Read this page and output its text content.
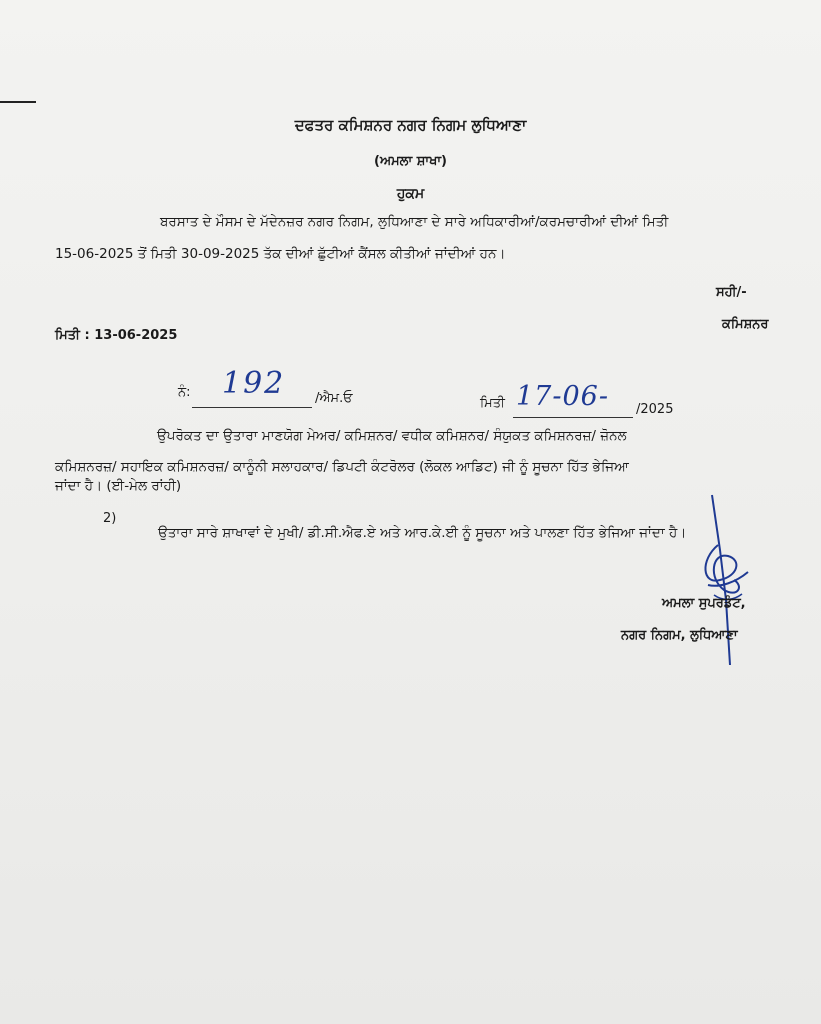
ਦਫਤਰ ਕਮਿਸ਼ਨਰ ਨਗਰ ਨਿਗਮ ਲੁਧਿਆਣਾ
(ਅਮਲਾ ਸ਼ਾਖਾ)
ਹੁਕਮ
ਬਰਸਾਤ ਦੇ ਮੌਸਮ ਦੇ ਮੱਦੇਨਜ਼ਰ ਨਗਰ ਨਿਗਮ, ਲੁਧਿਆਣਾ ਦੇ ਸਾਰੇ ਅਧਿਕਾਰੀਆਂ/ਕਰਮਚਾਰੀਆਂ ਦੀਆਂ ਮਿਤੀ
15-06-2025 ਤੋਂ ਮਿਤੀ 30-09-2025 ਤੱਕ ਦੀਆਂ ਛੁੱਟੀਆਂ ਕੈਂਸਲ ਕੀਤੀਆਂ ਜਾਂਦੀਆਂ ਹਨ।
ਸਹੀ/-
ਕਮਿਸ਼ਨਰ
ਮਿਤੀ : 13-06-2025
ਨੰ: 192 /ਐਮ.ਓ	ਮਿਤੀ 17-06- /2025
ਉਪਰੋਕਤ ਦਾ ਉਤਾਰਾ ਮਾਣਯੋਗ ਮੇਅਰ/ ਕਮਿਸ਼ਨਰ/ ਵਧੀਕ ਕਮਿਸ਼ਨਰ/ ਸੰਯੁਕਤ ਕਮਿਸ਼ਨਰਜ਼/ ਜ਼ੋਨਲ
ਕਮਿਸ਼ਨਰਜ਼/ ਸਹਾਇਕ ਕਮਿਸ਼ਨਰਜ਼/ ਕਾਨੂੰਨੀ ਸਲਾਹਕਾਰ/ ਡਿਪਟੀ ਕੰਟਰੋਲਰ (ਲੋਕਲ ਆਡਿਟ) ਜੀ ਨੂੰ ਸੂਚਨਾ ਹਿੱਤ ਭੇਜਿਆ
ਜਾਂਦਾ ਹੈ। (ਈ-ਮੇਲ ਰਾਂਹੀ)
2)
ਉਤਾਰਾ ਸਾਰੇ ਸ਼ਾਖਾਵਾਂ ਦੇ ਮੁਖੀ/ ਡੀ.ਸੀ.ਐਫ.ਏ ਅਤੇ ਆਰ.ਕੇ.ਈ ਨੂੰ ਸੂਚਨਾ ਅਤੇ ਪਾਲਣਾ ਹਿੱਤ ਭੇਜਿਆ ਜਾਂਦਾ ਹੈ।
ਅਮਲਾ ਸੁਪਰਡੰਟ,
ਨਗਰ ਨਿਗਮ, ਲੁਧਿਆਣਾ
